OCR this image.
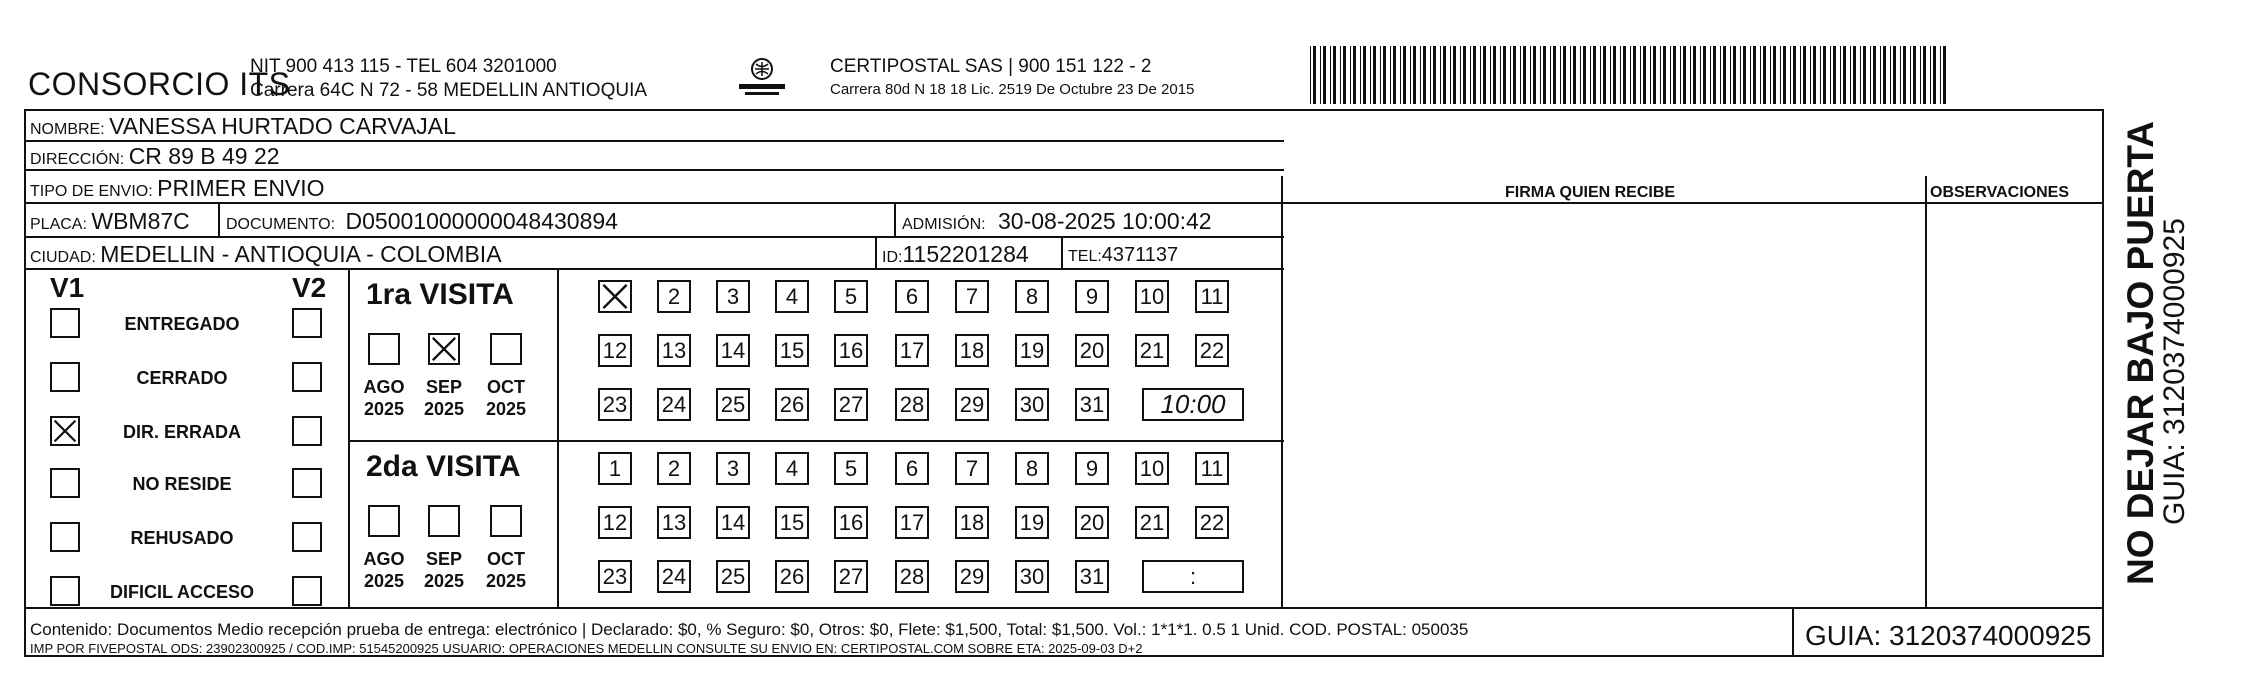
CONSORCIO ITS
NIT 900 413 115 - TEL 604 3201000
Carrera 64C N 72 - 58 MEDELLIN ANTIOQUIA
CERTIPOSTAL SAS | 900 151 122 - 2
Carrera 80d N 18 18 Lic. 2519 De Octubre 23 De 2015
FIRMA QUIEN RECIBE	OBSERVACIONES
NOMBRE: VANESSA HURTADO CARVAJAL
DIRECCIÓN: CR 89 B 49 22
TIPO DE ENVIO: PRIMER ENVIO
PLACA: WBM87C DOCUMENTO: D05001000000048430894	ADMISIÓN: 30-08-2025 10:00:42
CIUDAD: MEDELLIN - ANTIOQUIA - COLOMBIA	ID:1152201284 TEL:4371137
V1	V2
ENTREGADO
CERRADO
DIR. ERRADA
NO RESIDE
REHUSADO
DIFICIL ACCESO
1ra VISITA
AGO
2025
SEP
2025
OCT
2025
2	3	4	5	6	7	8	9	10 11
12 13 14 15 16 17 18 19 20 21 22
23 24 25 26 27 28 29 30 31	10:00
2da VISITA
AGO
2025
SEP
2025
OCT
2025
1	2	3	4	5	6	7	8	9	10 11
12 13 14 15 16 17 18 19 20 21 22
23 24 25 26 27 28 29 30 31	:
Contenido: Documentos Medio recepción prueba de entrega: electrónico | Declarado: $0, % Seguro: $0, Otros: $0, Flete: $1,500, Total: $1,500. Vol.: 1*1*1. 0.5 1 Unid. COD. POSTAL: 050035
IMP POR FIVEPOSTAL ODS: 23902300925 / COD.IMP: 51545200925 USUARIO: OPERACIONES MEDELLIN CONSULTE SU ENVIO EN: CERTIPOSTAL.COM SOBRE ETA: 2025-09-03 D+2	GUIA: 3120374000925
NO DEJAR BAJO PUERTA
GUIA: 3120374000925
